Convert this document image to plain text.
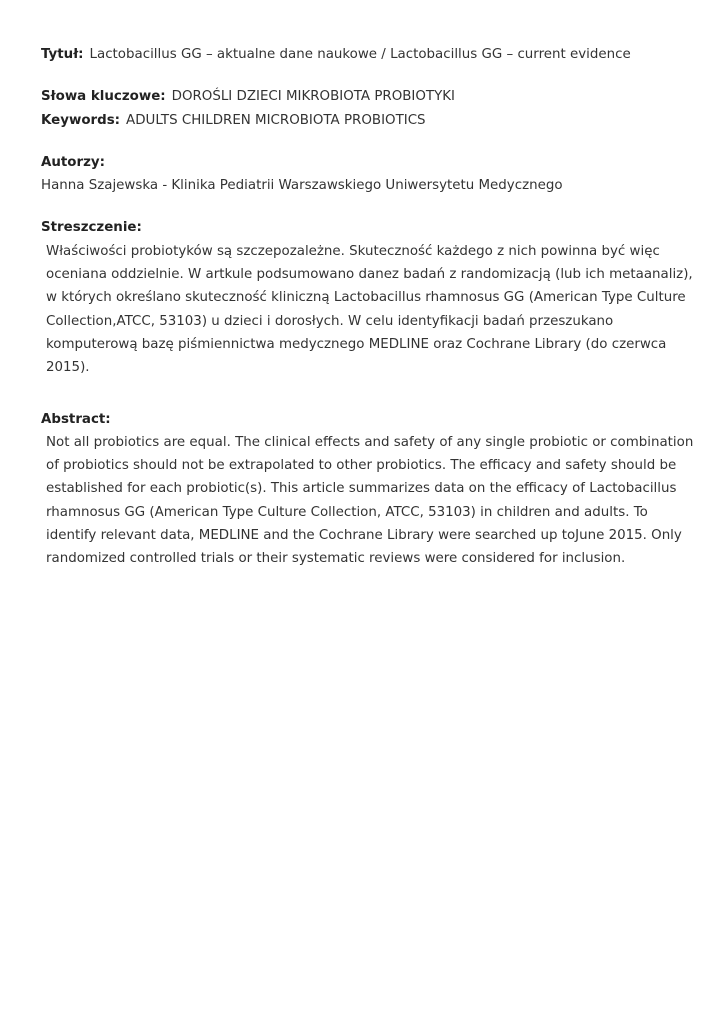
Tytuł: Lactobacillus GG – aktualne dane naukowe / Lactobacillus GG – current evidence

Słowa kluczowe: DOROŚLI DZIECI MIKROBIOTA PROBIOTYKI

Keywords: ADULTS CHILDREN MICROBIOTA PROBIOTICS

Autorzy:

Hanna Szajewska - Klinika Pediatrii Warszawskiego Uniwersytetu Medycznego

Streszczenie:

Właściwości probiotyków są szczepozależne. Skuteczność każdego z nich powinna być więc
oceniana oddzielnie. W artkule podsumowano danez badań z randomizacją (lub ich metaanaliz),
w których określano skuteczność kliniczną Lactobacillus rhamnosus GG (American Type Culture
Collection,ATCC, 53103) u dzieci i dorosłych. W celu identyfikacji badań przeszukano
komputerową bazę piśmiennictwa medycznego MEDLINE oraz Cochrane Library (do czerwca
2015).

Abstract:

Not all probiotics are equal. The clinical effects and safety of any single probiotic or combination
of probiotics should not be extrapolated to other probiotics. The efficacy and safety should be
established for each probiotic(s). This article summarizes data on the efficacy of Lactobacillus
rhamnosus GG (American Type Culture Collection, ATCC, 53103) in children and adults. To
identify relevant data, MEDLINE and the Cochrane Library were searched up toJune 2015. Only
randomized controlled trials or their systematic reviews were considered for inclusion.
